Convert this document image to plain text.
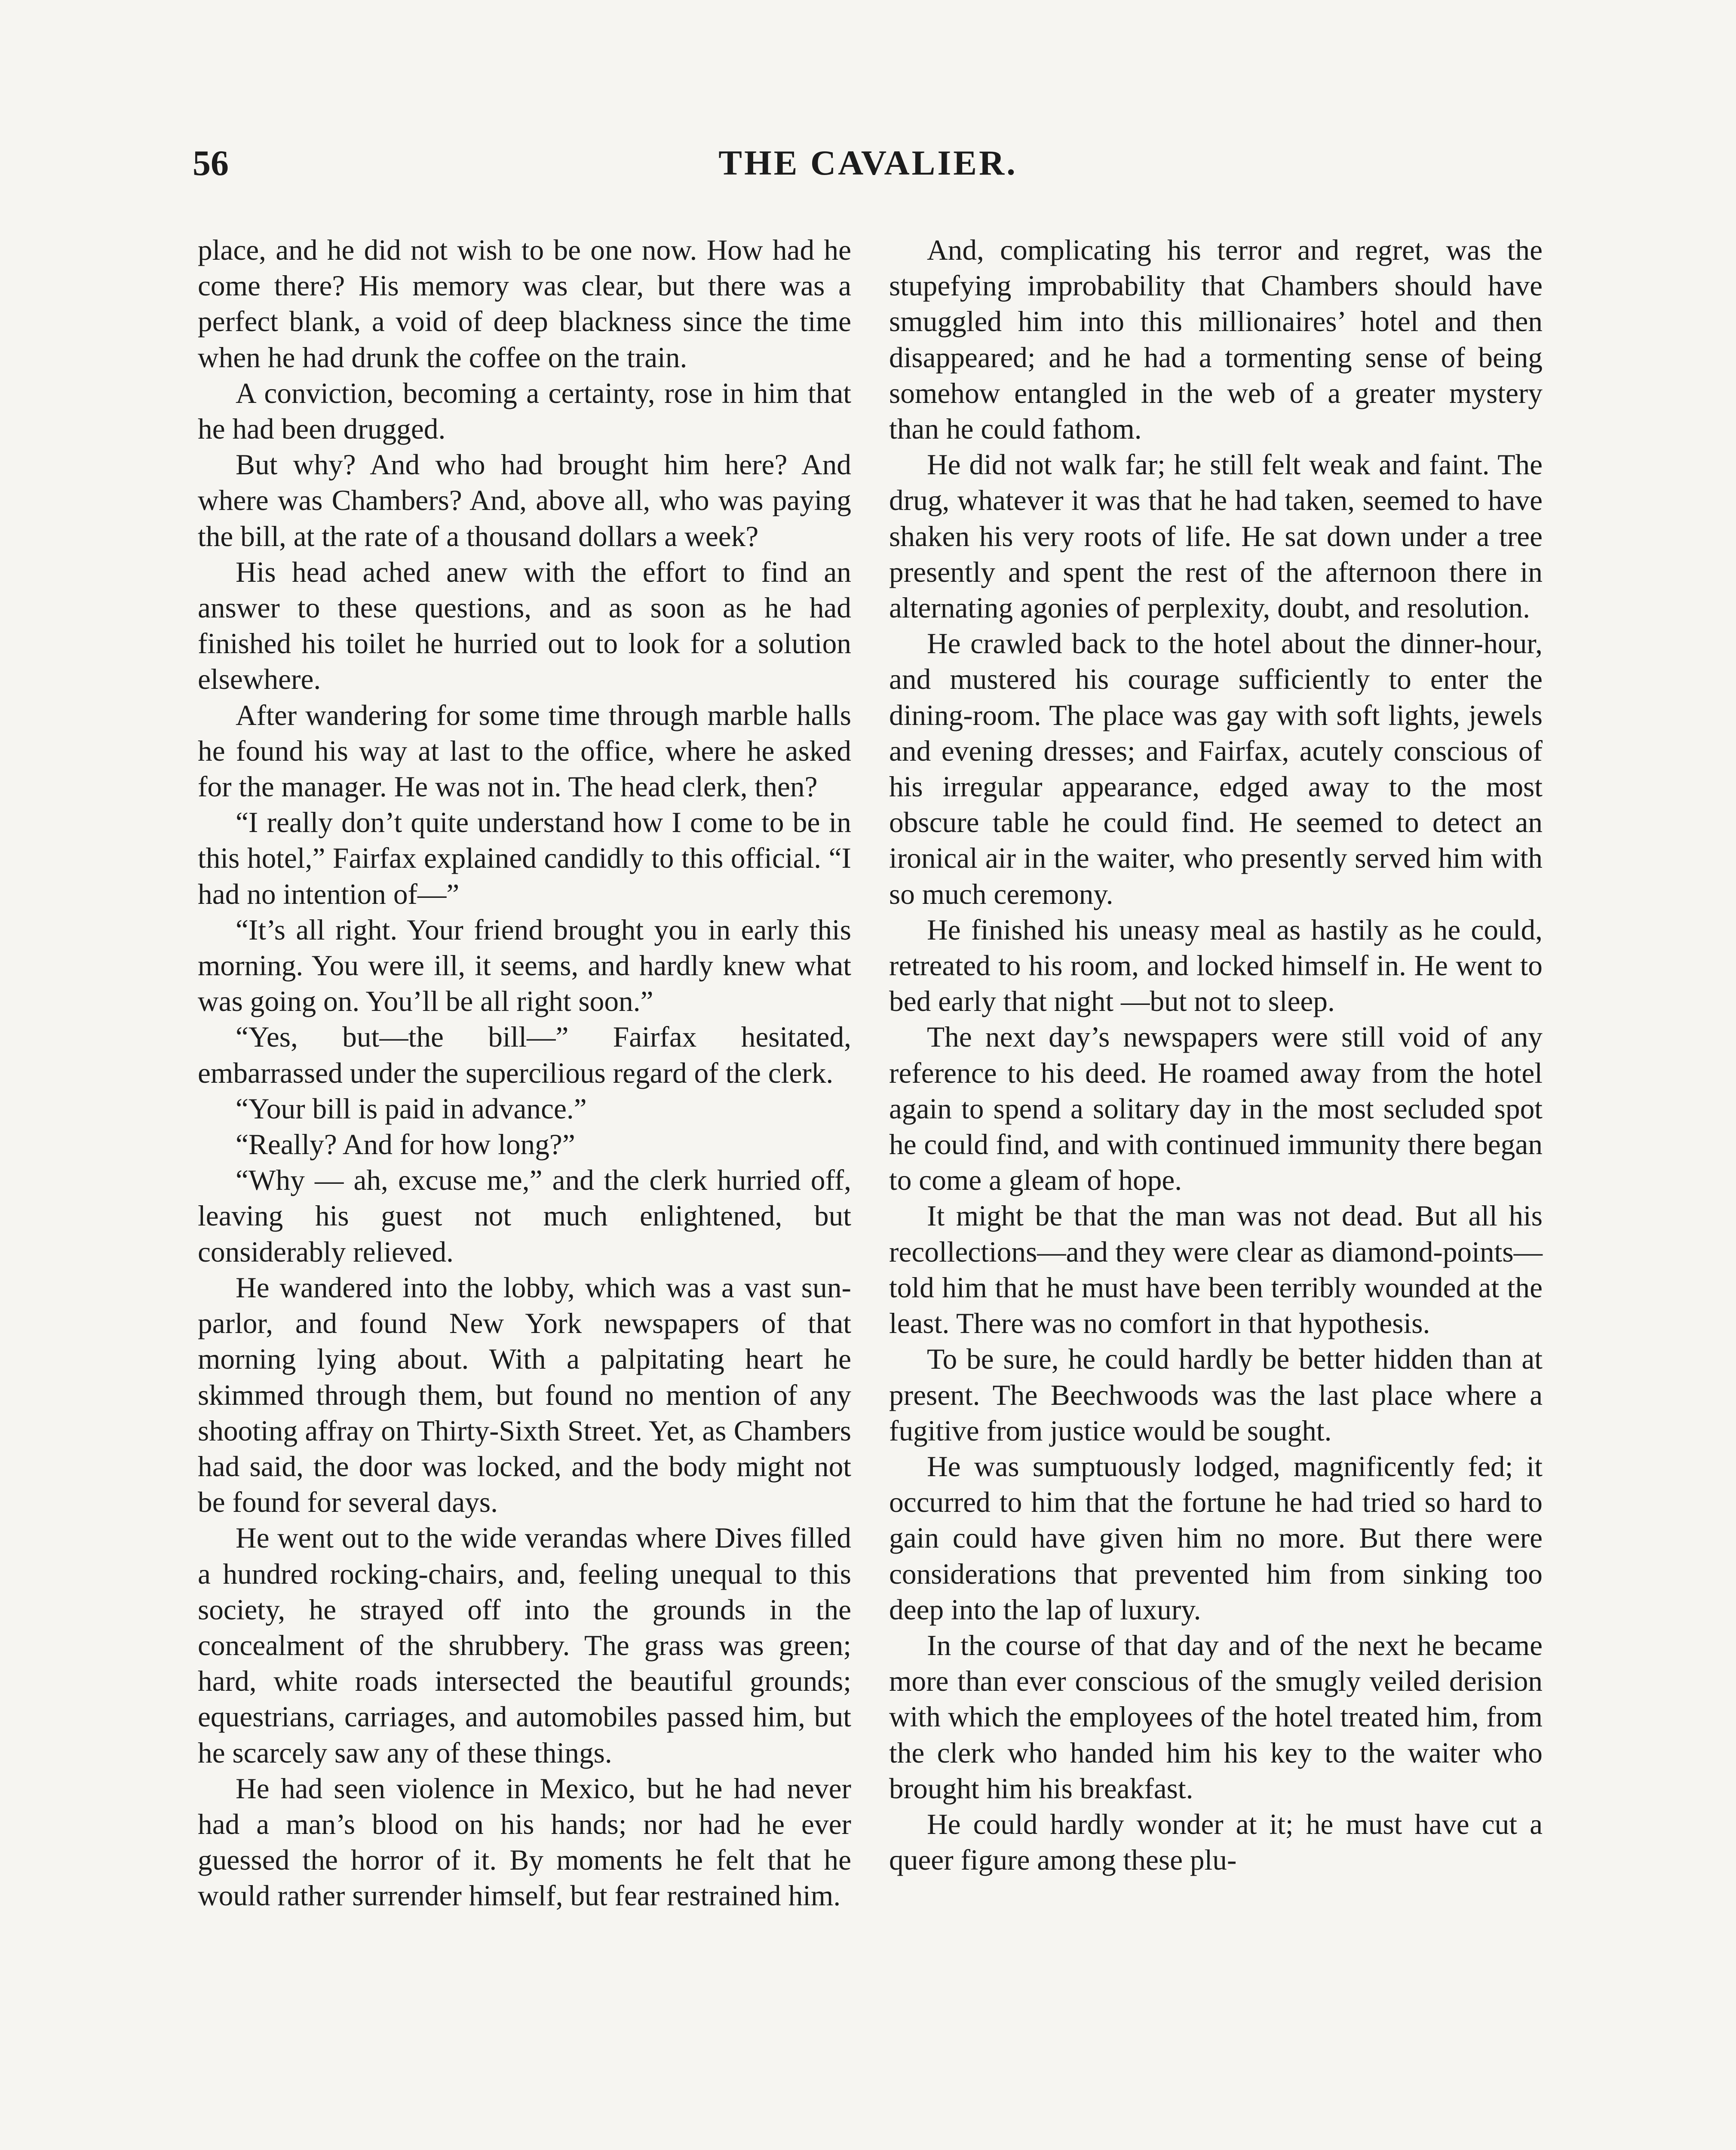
56	THE CAVALIER.

place, and he did not wish to be one now. How had he come there? His memory was clear, but there was a perfect blank, a void of deep blackness since the time when he had drunk the coffee on the train.

A conviction, becoming a certainty, rose in him that he had been drugged.

But why? And who had brought him here? And where was Chambers? And, above all, who was paying the bill, at the rate of a thousand dollars a week?

His head ached anew with the effort to find an answer to these questions, and as soon as he had finished his toilet he hurried out to look for a solution elsewhere.

After wandering for some time through marble halls he found his way at last to the office, where he asked for the manager. He was not in. The head clerk, then?

“I really don’t quite understand how I come to be in this hotel,” Fairfax explained candidly to this official. “I had no intention of—”

“It’s all right. Your friend brought you in early this morning. You were ill, it seems, and hardly knew what was going on. You’ll be all right soon.”

“Yes, but—the bill—” Fairfax hesitated, embarrassed under the supercilious regard of the clerk.

“Your bill is paid in advance.”

“Really? And for how long?”

“Why — ah, excuse me,” and the clerk hurried off, leaving his guest not much enlightened, but considerably relieved.

He wandered into the lobby, which was a vast sun-parlor, and found New York newspapers of that morning lying about. With a palpitating heart he skimmed through them, but found no mention of any shooting affray on Thirty-Sixth Street. Yet, as Chambers had said, the door was locked, and the body might not be found for several days.

He went out to the wide verandas where Dives filled a hundred rocking-chairs, and, feeling unequal to this society, he strayed off into the grounds in the concealment of the shrubbery. The grass was green; hard, white roads intersected the beautiful grounds; equestrians, carriages, and automobiles passed him, but he scarcely saw any of these things.

He had seen violence in Mexico, but he had never had a man’s blood on his hands; nor had he ever guessed the horror of it. By moments he felt that he would rather surrender himself, but fear restrained him.

And, complicating his terror and regret, was the stupefying improbability that Chambers should have smuggled him into this millionaires’ hotel and then disappeared; and he had a tormenting sense of being somehow entangled in the web of a greater mystery than he could fathom.

He did not walk far; he still felt weak and faint. The drug, whatever it was that he had taken, seemed to have shaken his very roots of life. He sat down under a tree presently and spent the rest of the afternoon there in alternating agonies of perplexity, doubt, and resolution.

He crawled back to the hotel about the dinner-hour, and mustered his courage sufficiently to enter the dining-room. The place was gay with soft lights, jewels and evening dresses; and Fairfax, acutely conscious of his irregular appearance, edged away to the most obscure table he could find. He seemed to detect an ironical air in the waiter, who presently served him with so much ceremony.

He finished his uneasy meal as hastily as he could, retreated to his room, and locked himself in. He went to bed early that night —but not to sleep.

The next day’s newspapers were still void of any reference to his deed. He roamed away from the hotel again to spend a solitary day in the most secluded spot he could find, and with continued immunity there began to come a gleam of hope.

It might be that the man was not dead. But all his recollections—and they were clear as diamond-points—told him that he must have been terribly wounded at the least. There was no comfort in that hypothesis.

To be sure, he could hardly be better hidden than at present. The Beechwoods was the last place where a fugitive from justice would be sought.

He was sumptuously lodged, magnificently fed; it occurred to him that the fortune he had tried so hard to gain could have given him no more. But there were considerations that prevented him from sinking too deep into the lap of luxury.

In the course of that day and of the next he became more than ever conscious of the smugly veiled derision with which the employees of the hotel treated him, from the clerk who handed him his key to the waiter who brought him his breakfast.

He could hardly wonder at it; he must have cut a queer figure among these plu-
